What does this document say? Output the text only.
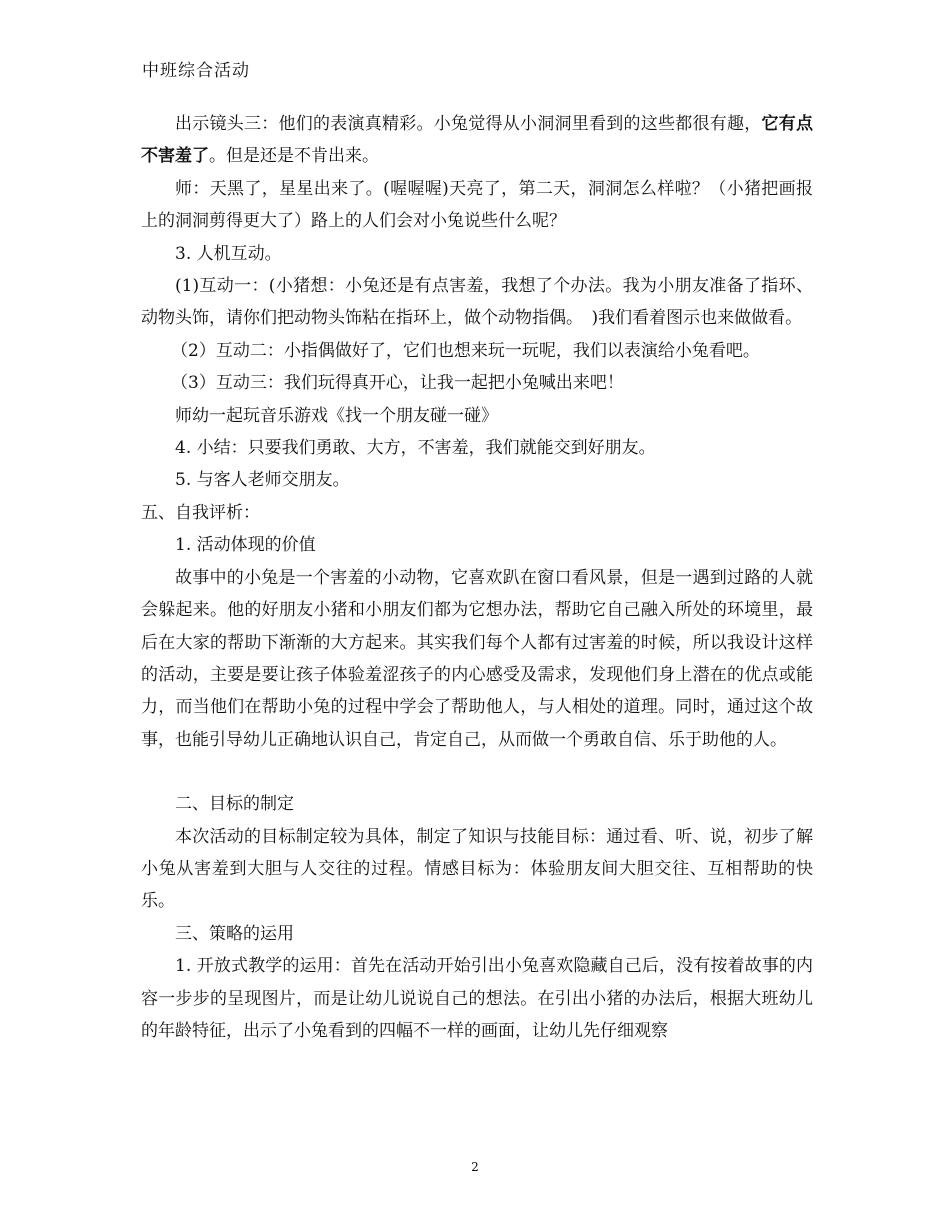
中班综合活动

出示镜头三：他们的表演真精彩。小兔觉得从小洞洞里看到的这些都很有趣，它有点不害羞了。但是还是不肯出来。

师：天黑了，星星出来了。(喔喔喔)天亮了，第二天，洞洞怎么样啦？（小猪把画报上的洞洞剪得更大了）路上的人们会对小兔说些什么呢？

3. 人机互动。

(1)互动一：(小猪想：小兔还是有点害羞，我想了个办法。我为小朋友准备了指环、动物头饰，请你们把动物头饰粘在指环上，做个动物指偶。　)我们看着图示也来做做看。

（2）互动二：小指偶做好了，它们也想来玩一玩呢，我们以表演给小兔看吧。

（3）互动三：我们玩得真开心，让我一起把小兔喊出来吧！

师幼一起玩音乐游戏《找一个朋友碰一碰》

4. 小结：只要我们勇敢、大方，不害羞，我们就能交到好朋友。

5. 与客人老师交朋友。

五、自我评析：

1. 活动体现的价值

故事中的小兔是一个害羞的小动物，它喜欢趴在窗口看风景，但是一遇到过路的人就会躲起来。他的好朋友小猪和小朋友们都为它想办法，帮助它自己融入所处的环境里，最后在大家的帮助下渐渐的大方起来。其实我们每个人都有过害羞的时候，所以我设计这样的活动，主要是要让孩子体验羞涩孩子的内心感受及需求，发现他们身上潜在的优点或能力，而当他们在帮助小兔的过程中学会了帮助他人，与人相处的道理。同时，通过这个故事，也能引导幼儿正确地认识自己，肯定自己，从而做一个勇敢自信、乐于助他的人。

二、目标的制定

本次活动的目标制定较为具体，制定了知识与技能目标：通过看、听、说，初步了解小兔从害羞到大胆与人交往的过程。情感目标为：体验朋友间大胆交往、互相帮助的快乐。

三、策略的运用

1. 开放式教学的运用：首先在活动开始引出小兔喜欢隐藏自己后，没有按着故事的内容一步步的呈现图片，而是让幼儿说说自己的想法。在引出小猪的办法后，根据大班幼儿的年龄特征，出示了小兔看到的四幅不一样的画面，让幼儿先仔细观察

2
